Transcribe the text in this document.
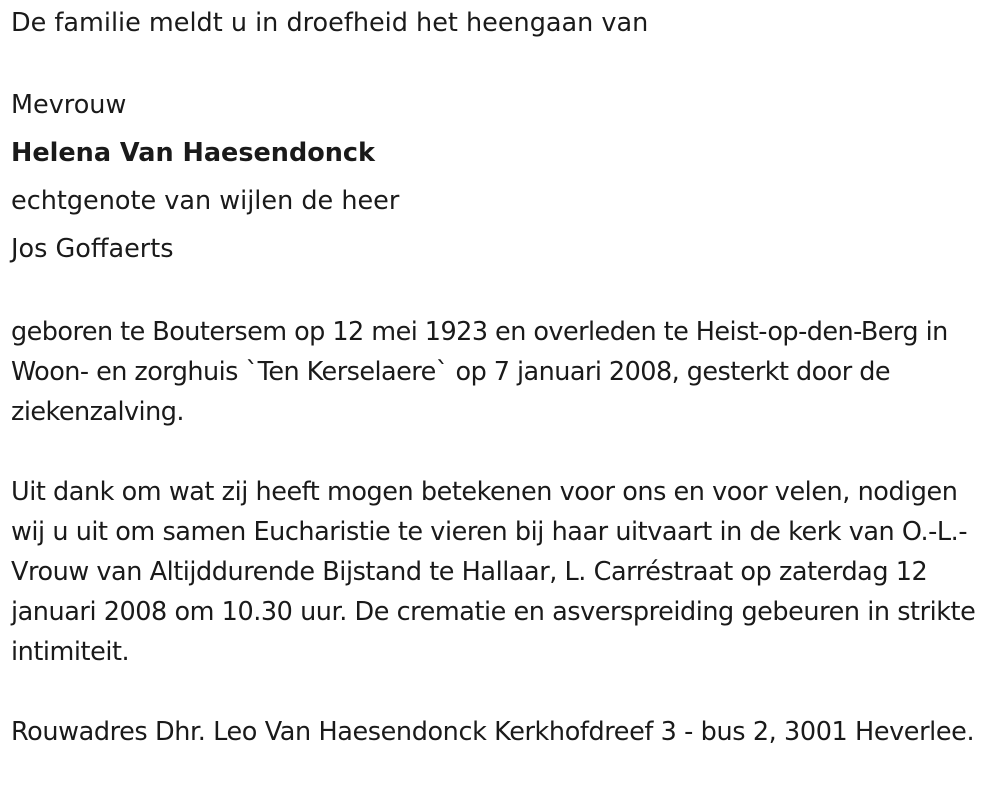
De familie meldt u in droefheid het heengaan van

Mevrouw

Helena Van Haesendonck

echtgenote van wijlen de heer

Jos Goffaerts

geboren te Boutersem op 12 mei 1923 en overleden te Heist-op-den-Berg in Woon- en zorghuis `Ten Kerselaere` op 7 januari 2008, gesterkt door de ziekenzalving.

Uit dank om wat zij heeft mogen betekenen voor ons en voor velen, nodigen wij u uit om samen Eucharistie te vieren bij haar uitvaart in de kerk van O.-L.-Vrouw van Altijddurende Bijstand te Hallaar, L. Carréstraat op zaterdag 12 januari 2008 om 10.30 uur. De crematie en asverspreiding gebeuren in strikte intimiteit.

Rouwadres Dhr. Leo Van Haesendonck Kerkhofdreef 3 - bus 2, 3001 Heverlee.
